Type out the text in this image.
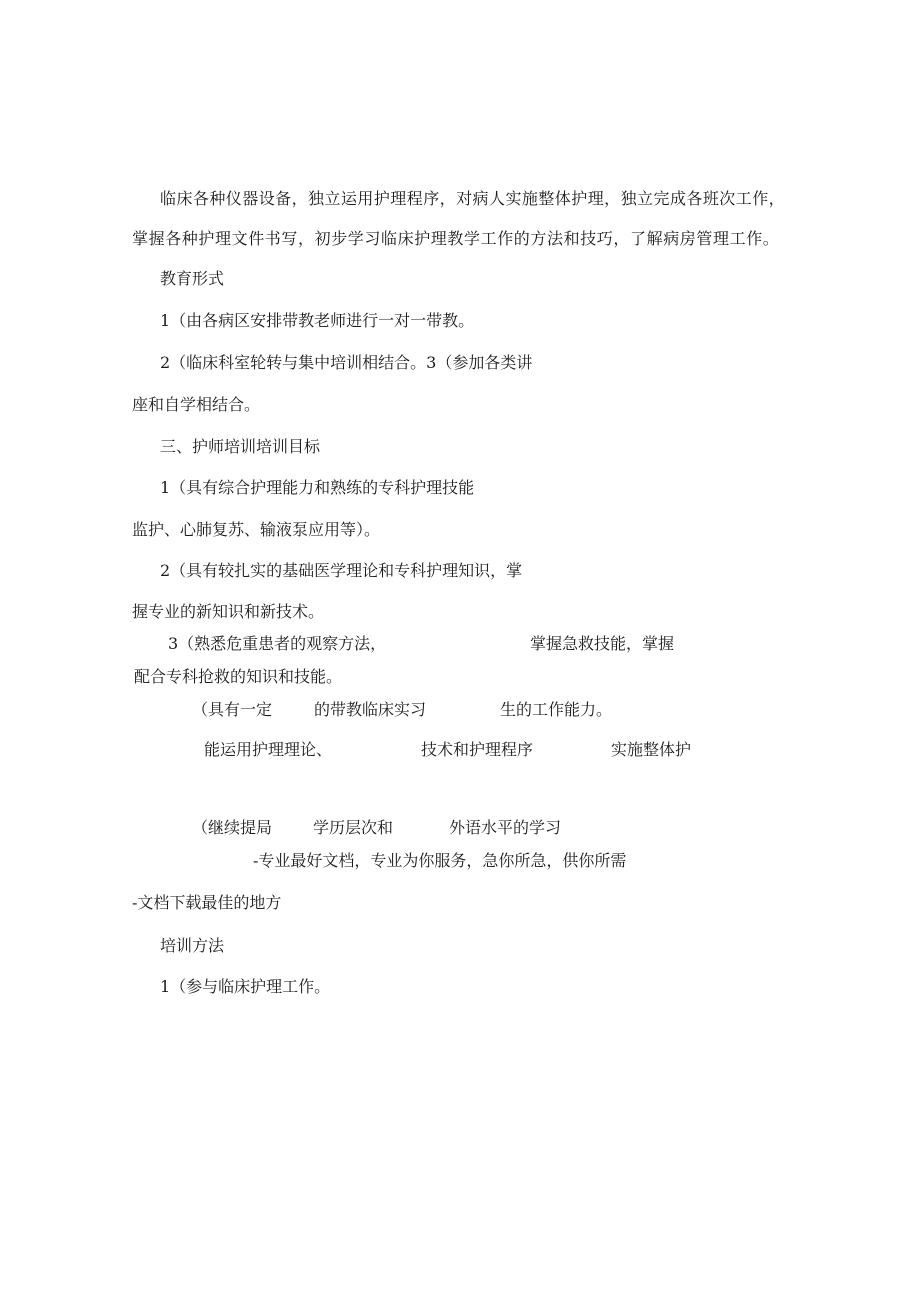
临床各种仪器设备，独立运用护理程序，对病人实施整体护理，独立完成各班次工作，
掌握各种护理文件书写，初步学习临床护理教学工作的方法和技巧，了解病房管理工作。
教育形式
1（由各病区安排带教老师进行一对一带教。
2（临床科室轮转与集中培训相结合。3（参加各类讲
座和自学相结合。
三、护师培训培训目标
1（具有综合护理能力和熟练的专科护理技能
监护、心肺复苏、输液泵应用等）。
2（具有较扎实的基础医学理论和专科护理知识，掌
握专业的新知识和新技术。
3（熟悉危重患者的观察方法，	掌握急救技能，掌握
配合专科抢救的知识和技能。
（具有一定	的带教临床实习	生的工作能力。
能运用护理理论、	技术和护理程序	实施整体护
（继续提局	学历层次和	外语水平的学习
-专业最好文档，专业为你服务，急你所急，供你所需
-文档下载最佳的地方
培训方法
1（参与临床护理工作。
